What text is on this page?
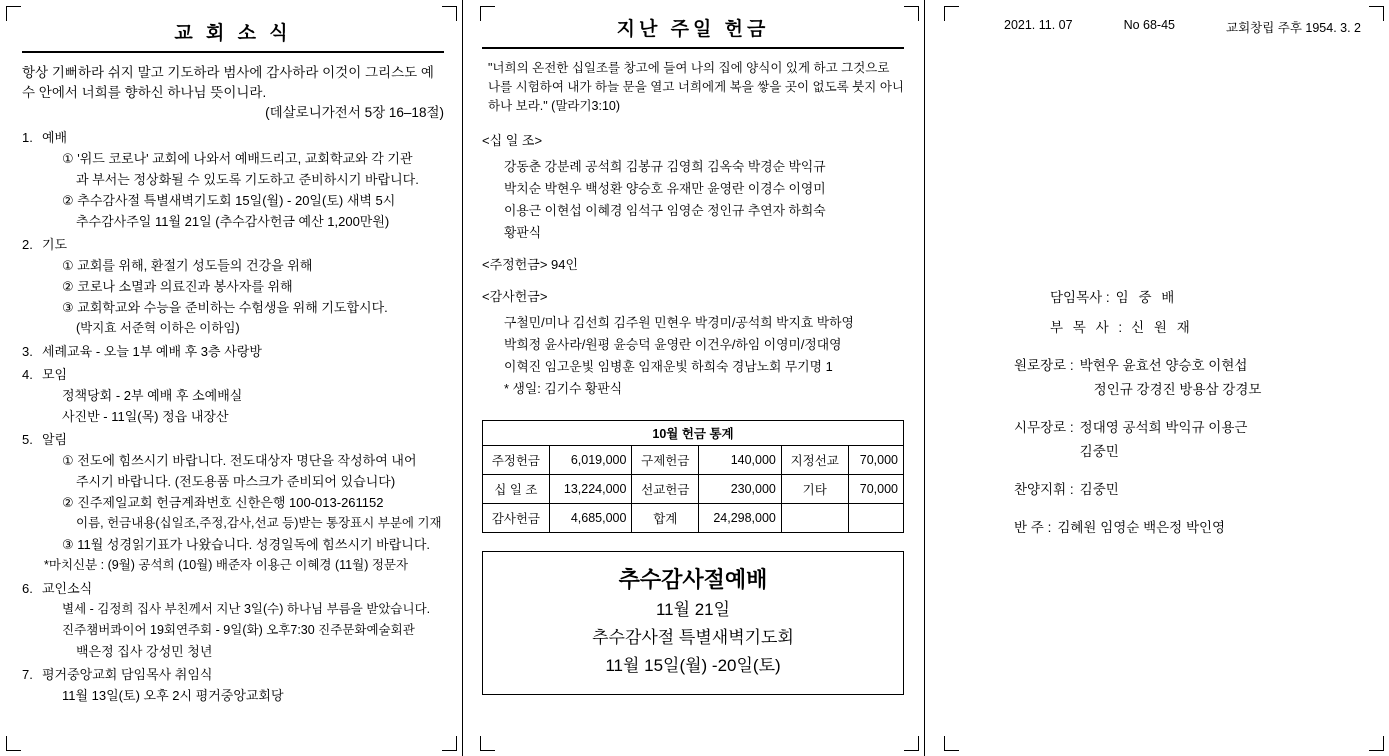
교 회 소 식

항상 기뻐하라 쉬지 말고 기도하라 범사에 감사하라 이것이 그리스도 예수 안에서 너희를 향하신 하나님 뜻이니라.
(데살로니가전서 5장 16–18절)

1. 예배
① '위드 코로나' 교회에 나와서 예배드리고, 교회학교와 각 기관
과 부서는 정상화될 수 있도록 기도하고 준비하시기 바랍니다.
② 추수감사절 특별새벽기도회 15일(월) - 20일(토) 새벽 5시
추수감사주일 11월 21일 (추수감사헌금 예산 1,200만원)
2. 기도
① 교회를 위해, 환절기 성도들의 건강을 위해
② 코로나 소멸과 의료진과 봉사자를 위해
③ 교회학교와 수능을 준비하는 수험생을 위해 기도합시다.
(박지효 서준혁 이하은 이하임)
3. 세례교육 - 오늘 1부 예배 후 3층 사랑방
4. 모임
정책당회 - 2부 예배 후 소예배실
사진반 - 11일(목) 정읍 내장산
5. 알림
① 전도에 힘쓰시기 바랍니다. 전도대상자 명단을 작성하여 내어
주시기 바랍니다. (전도용품 마스크가 준비되어 있습니다)
② 진주제일교회 헌금계좌번호 신한은행 100-013-261152
이름, 헌금내용(십일조,주정,감사,선교 등)받는 통장표시 부분에 기재
③ 11월 성경읽기표가 나왔습니다. 성경일독에 힘쓰시기 바랍니다.
*마치신분 : (9월) 공석희 (10월) 배준자 이용근 이혜경 (11월) 정문자
6. 교인소식
별세 - 김정희 집사 부친께서 지난 3일(수) 하나님 부름을 받았습니다.
진주챔버콰이어 19회연주회 - 9일(화) 오후7:30 진주문화예술회관
백은정 집사 강성민 청년
7. 평거중앙교회 담임목사 취임식
11월 13일(토) 오후 2시 평거중앙교회당
지난 주일 헌금

"너희의 온전한 십일조를 창고에 들여 나의 집에 양식이 있게 하고 그것으로 나를 시험하여 내가 하늘 문을 열고 너희에게 복을 쌓을 곳이 없도록 붓지 아니하나 보라." (말라기3:10)

<십 일 조>
강동춘 강분례 공석희 김봉규 김영희 김옥숙 박경순 박익규
박치순 박현우 백성환 양승호 유재만 윤영란 이경수 이영미
이용근 이현섭 이혜경 임석구 임영순 정인규 추연자 하희숙
황판식
<주정헌금> 94인
<감사헌금>
구철민/미나 김선희 김주원 민현우 박경미/공석희 박지효 박하영
박희정 윤사라/원평 윤승덕 윤영란 이건우/하임 이영미/정대영
이혁진 임고운빛 임병훈 임재운빛 하희숙 경남노회 무기명 1
* 생일: 김기수 황판식
10월 헌금 통계
주정헌금	6,019,000	구제헌금	140,000	지정선교	70,000
십 일 조	13,224,000	선교헌금	230,000	기타	70,000
감사헌금	4,685,000	합계	24,298,000		
추수감사절예배
11월 21일
추수감사절 특별새벽기도회
11월 15일(월) -20일(토)
2021. 11. 07	No 68-45	교회창립 주후 1954. 3. 2
담임목사 : 임 중 배
부 목 사 : 신 원 재
원로장로 : 박현우 윤효선 양승호 이현섭
정인규 강경진 방용삼 강경모
시무장로 : 정대영 공석희 박익규 이용근
김중민
찬양지휘 : 김중민
반 주 : 김혜원 임영순 백은정 박인영
